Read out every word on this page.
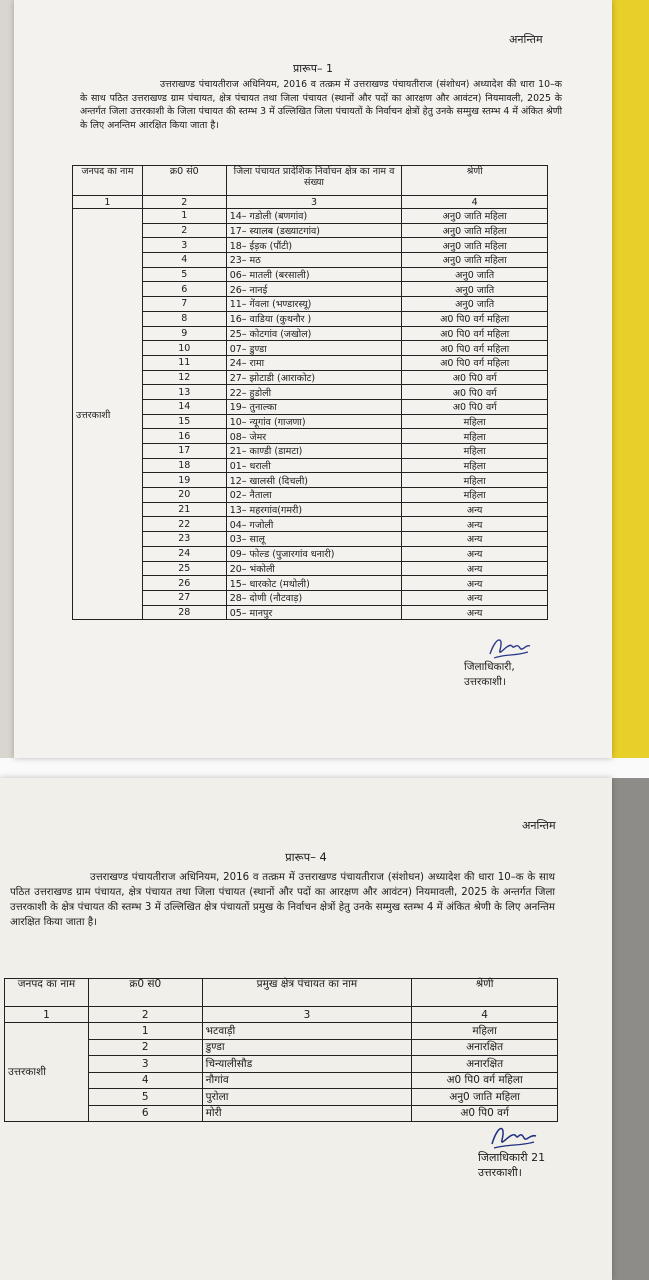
अनन्तिम
प्रारूप– 1
उत्तराखण्ड पंचायतीराज अधिनियम, 2016 व तत्क्रम में उत्तराखण्ड पंचायतीराज (संशोधन) अध्यादेश की धारा 10–क के साथ पठित उत्तराखण्ड ग्राम पंचायत, क्षेत्र पंचायत तथा जिला पंचायत (स्थानों और पदों का आरक्षण और आवंटन) नियमावली, 2025 के अन्तर्गत जिला उत्तरकाशी के जिला पंचायत की स्तम्भ 3 में उल्लिखित जिला पंचायतों के निर्वाचन क्षेत्रों हेतु उनके सम्मुख स्तम्भ 4 में अंकित श्रेणी के लिए अनन्तिम आरक्षित किया जाता है।
जनपद का नाम	क्र0 सं0	जिला पंचायत प्रादेशिक निर्वाचन क्षेत्र का नाम व संख्या	श्रेणी
1	2	3	4
उत्तरकाशी	1	14– गडोली (बणगांव)	अनु0 जाति महिला
	2	17– स्यालब (डख्याटगांव)	अनु0 जाति महिला
	3	18– ईड़क (पौंटी)	अनु0 जाति महिला
	4	23– मठ	अनु0 जाति महिला
	5	06– मातली (बरसाली)	अनु0 जाति
	6	26– नानई	अनु0 जाति
	7	11– गेंवला (भण्डारस्यू)	अनु0 जाति
	8	16– वाडिया (कुथनौर )	अ0 पि0 वर्ग महिला
	9	25– कोटगांव (जखोल)	अ0 पि0 वर्ग महिला
	10	07– डुण्डा	अ0 पि0 वर्ग महिला
	11	24– रामा	अ0 पि0 वर्ग महिला
	12	27– झोटाडी (आराकोट)	अ0 पि0 वर्ग
	13	22– हुडोली	अ0 पि0 वर्ग
	14	19– तुनाल्का	अ0 पि0 वर्ग
	15	10– न्यूगांव (गाजणा)	महिला
	16	08– जेमर	महिला
	17	21– काण्डी (डामटा)	महिला
	18	01– धराली	महिला
	19	12– खालसी (दिचली)	महिला
	20	02– नैताला	महिला
	21	13– महरगांव(गमरी)	अन्य
	22	04– गजोली	अन्य
	23	03– सालू	अन्य
	24	09– फोल्ड (पुजारगांव धनारी)	अन्य
	25	20– भंकोली	अन्य
	26	15– धारकोट (मथोली)	अन्य
	27	28– दोणी (नौटवाड़)	अन्य
	28	05– मानपुर	अन्य
जिलाधिकारी,
उत्तरकाशी।
अनन्तिम
प्रारूप– 4
उत्तराखण्ड पंचायतीराज अधिनियम, 2016 व तत्क्रम में उत्तराखण्ड पंचायतीराज (संशोधन) अध्यादेश की धारा 10–क के साथ पठित उत्तराखण्ड ग्राम पंचायत, क्षेत्र पंचायत तथा जिला पंचायत (स्थानों और पदों का आरक्षण और आवंटन) नियमावली, 2025 के अन्तर्गत जिला उत्तरकाशी के क्षेत्र पंचायत की स्तम्भ 3 में उल्लिखित क्षेत्र पंचायतों प्रमुख के निर्वाचन क्षेत्रों हेतु उनके सम्मुख स्तम्भ 4 में अंकित श्रेणी के लिए अनन्तिम आरक्षित किया जाता है।
जनपद का नाम	क्र0 सं0	प्रमुख क्षेत्र पंचायत का नाम	श्रेणी
1	2	3	4
उत्तरकाशी	1	भटवाड़ी	महिला
	2	डुण्डा	अनारक्षित
	3	चिन्यालीसौड	अनारक्षित
	4	नौगांव	अ0 पि0 वर्ग महिला
	5	पुरोला	अनु0 जाति महिला
	6	मोरी	अ0 पि0 वर्ग
जिलाधिकारी 21
उत्तरकाशी।
